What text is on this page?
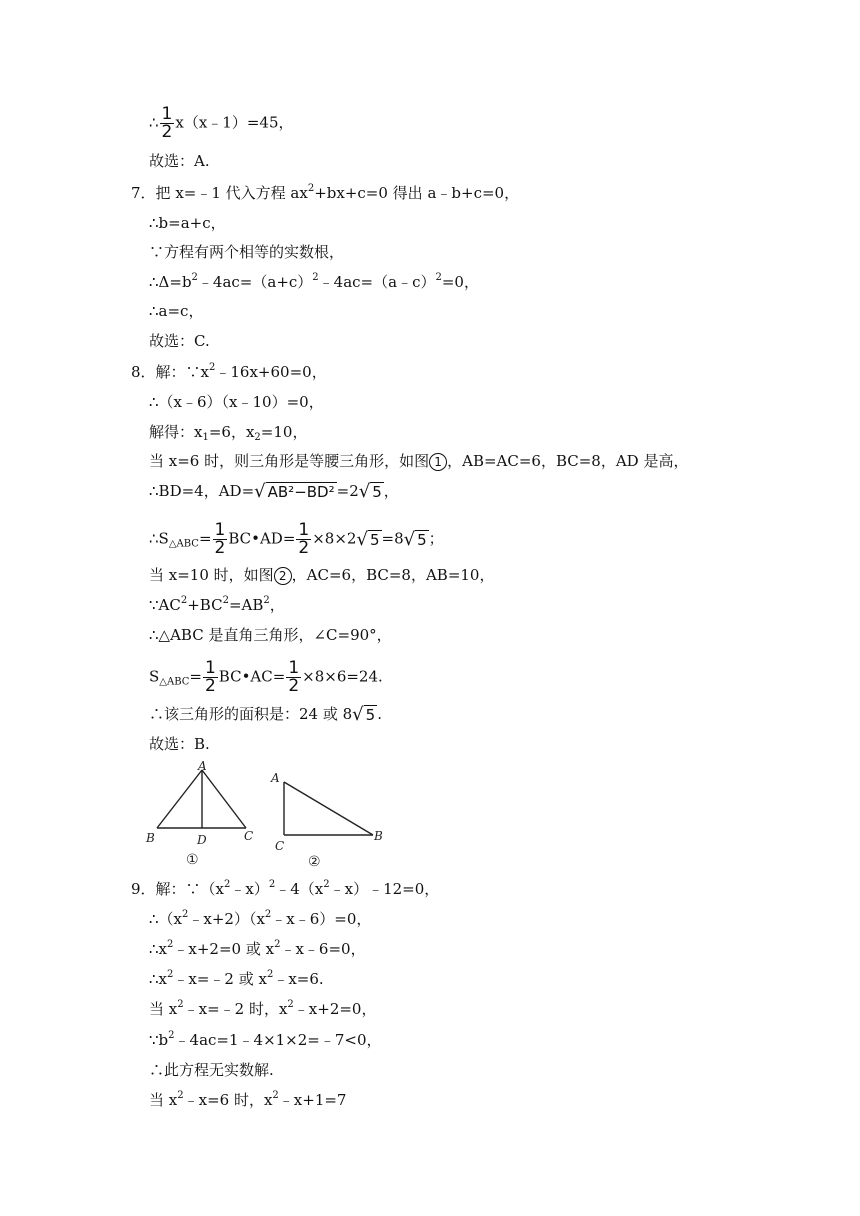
∴ $\frac{1}{2}$ x（x﹣1）=45，
故选：A.
7．把 x=﹣1 代入方程 $ax^2+bx+c=0$ 得出 a﹣b+c=0，
∴b=a+c，
∵方程有两个相等的实数根，
$\therefore\Delta=b^2﹣4ac=(a+c)^2﹣4ac=(a﹣c)^2=0$，
∴a=c，
故选：C.
8．解：$\because x^2﹣16x+60=0$，
∴（x﹣6）（x﹣10）=0，
解得：$x_1=6$，$x_2=10$，
当 x=6 时，则三角形是等腰三角形，如图 1 ，AB=AC=6，BC=8，AD 是高，
∴BD=4，AD=√ AB²−BD² =2√ 5 ，
$\therefore S_{\triangle ABC}= \frac{1}{2}$ BC•AD= $\frac{1}{2} \times 8\times 2√$ 5 =8√ 5 ；
当 x=10 时，如图 2 ，AC=6，BC=8，AB=10，
$\because AC^2+BC^2=AB^2$，
∴△ABC 是直角三角形，∠C=90°，
$S_{\triangle ABC}= \frac{1}{2}$ BC•AC= $\frac{1}{2} \times 8\times 6=24$.
∴该三角形的面积是：24 或 8√ 5 .
故选：B.
A
B	D	C
①
A
C
B
②
9．解：$\because(x^2﹣x)^2﹣4(x^2﹣x)﹣12=0$，
$\therefore(x^2﹣x+2)(x^2﹣x﹣6)=0$，
$\therefore x^2﹣x+2=0$ 或 $x^2﹣x﹣6=0$，
$\therefore x^2﹣x=﹣2$ 或 $x^2﹣x=6$.
当 $x^2﹣x=﹣2$ 时，$x^2﹣x+2=0$，
$\because b^2﹣4ac=1﹣4\times 1\times 2=﹣7<0$，
∴此方程无实数解.
当 $x^2﹣x=6$ 时，$x^2﹣x+1=7$
